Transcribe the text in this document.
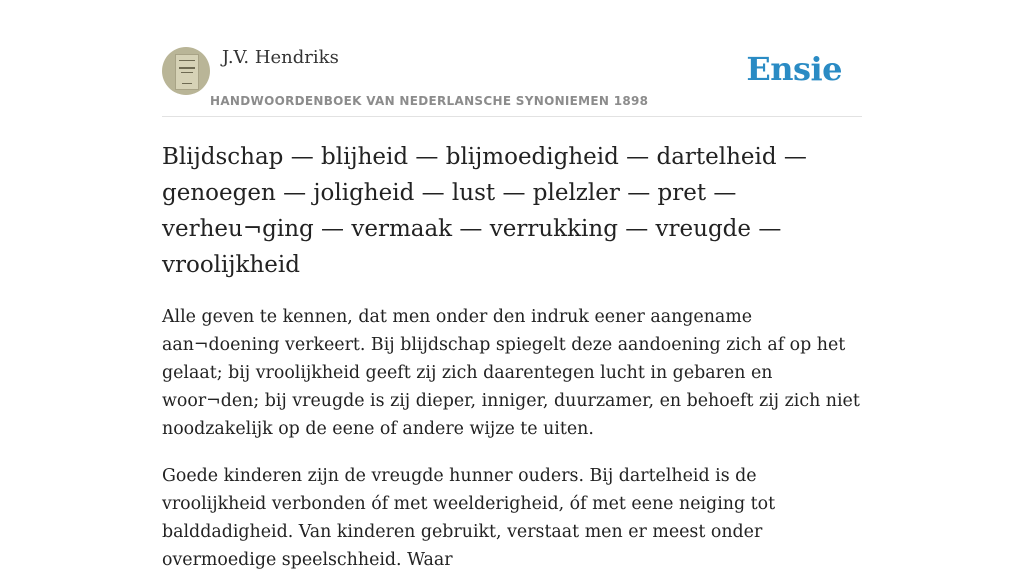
J.V. Hendriks
HANDWOORDENBOEK VAN NEDERLANSCHE SYNONIEMEN 1898
Ensie
Blijdschap — blijheid — blijmoedigheid — dartelheid — genoegen — joligheid — lust — plelzler — pret — verheu¬ging — vermaak — verrukking — vreugde — vroolijkheid

Alle geven te kennen, dat men onder den indruk eener aangename aan¬doening verkeert. Bij blijdschap spiegelt deze aandoening zich af op het gelaat; bij vroolijkheid geeft zij zich daarentegen lucht in gebaren en woor¬den; bij vreugde is zij dieper, inniger, duurzamer, en behoeft zij zich niet noodzakelijk op de eene of andere wijze te uiten.

Goede kinderen zijn de vreugde hunner ouders. Bij dartelheid is de vroolijkheid verbonden óf met weelderigheid, óf met eene neiging tot balddadigheid. Van kinderen gebruikt, verstaat men er meest onder overmoedige speelschheid. Waar
